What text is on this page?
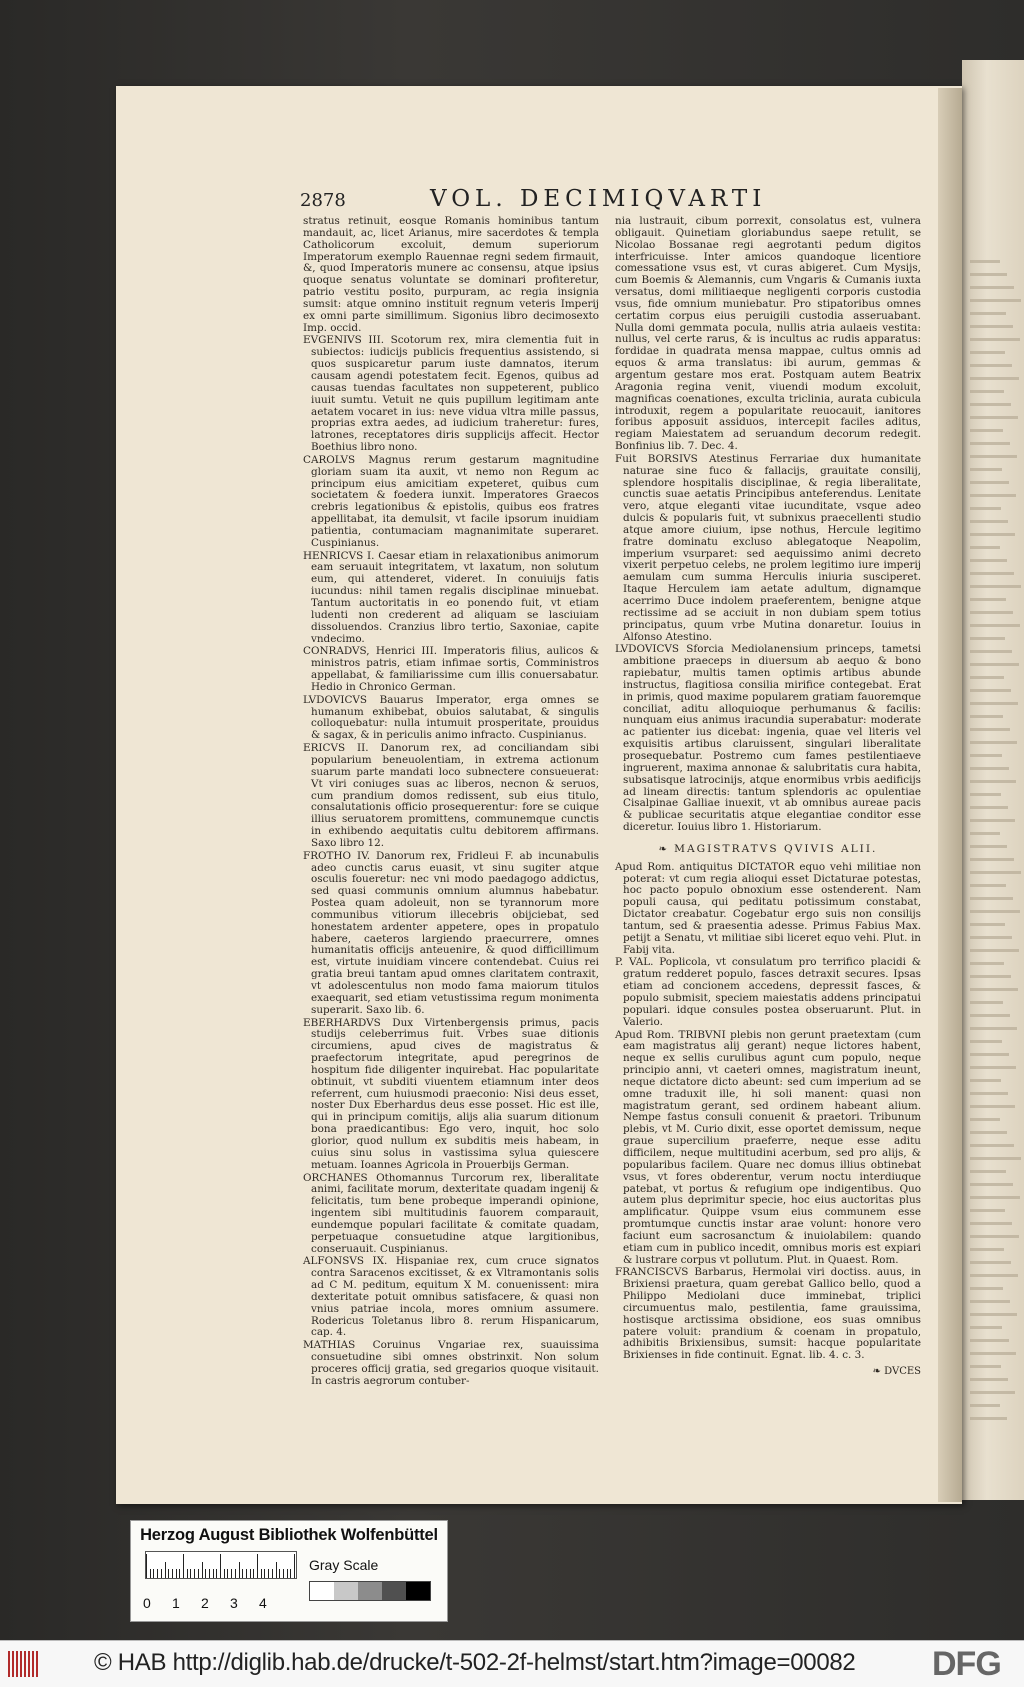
2878	VOL. DECIMIQVARTI

stratus retinuit, eosque Romanis hominibus tantum mandauit, ac, licet Arianus, mire sacerdotes & templa Catholicorum excoluit, demum superiorum Imperatorum exemplo Rauennae regni sedem firmauit, &, quod Imperatoris munere ac consensu, atque ipsius quoque senatus voluntate se dominari profiteretur, patrio vestitu posito, purpuram, ac regia insignia sumsit: atque omnino instituit regnum veteris Imperij ex omni parte simillimum. Sigonius libro decimosexto Imp. occid.

EVGENIVS III. Scotorum rex, mira clementia fuit in subiectos: iudicijs publicis frequentius assistendo, si quos suspicaretur parum iuste damnatos, iterum causam agendi potestatem fecit. Egenos, quibus ad causas tuendas facultates non suppeterent, publico iuuit sumtu. Vetuit ne quis pupillum legitimam ante aetatem vocaret in ius: neve vidua vltra mille passus, proprias extra aedes, ad iudicium traheretur: fures, latrones, receptatores diris supplicijs affecit. Hector Boethius libro nono.

CAROLVS Magnus rerum gestarum magnitudine gloriam suam ita auxit, vt nemo non Regum ac principum eius amicitiam expeteret, quibus cum societatem & foedera iunxit. Imperatores Graecos crebris legationibus & epistolis, quibus eos fratres appellitabat, ita demulsit, vt facile ipsorum inuidiam patientia, contumaciam magnanimitate superaret. Cuspinianus.

HENRICVS I. Caesar etiam in relaxationibus animorum eam seruauit integritatem, vt laxatum, non solutum eum, qui attenderet, videret. In conuiuijs fatis iucundus: nihil tamen regalis disciplinae minuebat. Tantum auctoritatis in eo ponendo fuit, vt etiam ludenti non crederent ad aliquam se lasciuiam dissoluendos. Cranzius libro tertio, Saxoniae, capite vndecimo.

CONRADVS, Henrici III. Imperatoris filius, aulicos & ministros patris, etiam infimae sortis, Comministros appellabat, & familiarissime cum illis conuersabatur. Hedio in Chronico German.

LVDOVICVS Bauarus Imperator, erga omnes se humanum exhibebat, obuios salutabat, & singulis colloquebatur: nulla intumuit prosperitate, prouidus & sagax, & in periculis animo infracto. Cuspinianus.

ERICVS II. Danorum rex, ad conciliandam sibi popularium beneuolentiam, in extrema actionum suarum parte mandati loco subnectere consueuerat: Vt viri coniuges suas ac liberos, necnon & seruos, cum prandium domos redissent, sub eius titulo, consalutationis officio prosequerentur: fore se cuique illius seruatorem promittens, communemque cunctis in exhibendo aequitatis cultu debitorem affirmans. Saxo libro 12.

FROTHO IV. Danorum rex, Fridleui F. ab incunabulis adeo cunctis carus euasit, vt sinu sugiter atque osculis foueretur: nec vni modo paedagogo addictus, sed quasi communis omnium alumnus habebatur. Postea quam adoleuit, non se tyrannorum more communibus vitiorum illecebris obijciebat, sed honestatem ardenter appetere, opes in propatulo habere, caeteros largiendo praecurrere, omnes humanitatis officijs anteuenire, & quod difficillimum est, virtute inuidiam vincere contendebat. Cuius rei gratia breui tantam apud omnes claritatem contraxit, vt adolescentulus non modo fama maiorum titulos exaequarit, sed etiam vetustissima regum monimenta superarit. Saxo lib. 6.

EBERHARDVS Dux Virtenbergensis primus, pacis studijs celeberrimus fuit. Vrbes suae ditionis circumiens, apud cives de magistratus & praefectorum integritate, apud peregrinos de hospitum fide diligenter inquirebat. Hac popularitate obtinuit, vt subditi viuentem etiamnum inter deos referrent, cum huiusmodi praeconio: Nisi deus esset, noster Dux Eberhardus deus esse posset. Hic est ille, qui in principum comitijs, alijs alia suarum ditionum bona praedicantibus: Ego vero, inquit, hoc solo glorior, quod nullum ex subditis meis habeam, in cuius sinu solus in vastissima sylua quiescere metuam. Ioannes Agricola in Prouerbijs German.

ORCHANES Othomannus Turcorum rex, liberalitate animi, facilitate morum, dexteritate quadam ingenij & felicitatis, tum bene probeque imperandi opinione, ingentem sibi multitudinis fauorem comparauit, eundemque populari facilitate & comitate quadam, perpetuaque consuetudine atque largitionibus, conseruauit. Cuspinianus.

ALFONSVS IX. Hispaniae rex, cum cruce signatos contra Saracenos excitisset, & ex Vltramontanis solis ad C M. peditum, equitum X M. conuenissent: mira dexteritate potuit omnibus satisfacere, & quasi non vnius patriae incola, mores omnium assumere. Rodericus Toletanus libro 8. rerum Hispanicarum, cap. 4.

MATHIAS Coruinus Vngariae rex, suauissima consuetudine sibi omnes obstrinxit. Non solum proceres officij gratia, sed gregarios quoque visitauit. In castris aegrorum contuber-

nia lustrauit, cibum porrexit, consolatus est, vulnera obligauit. Quinetiam gloriabundus saepe retulit, se Nicolao Bossanae regi aegrotanti pedum digitos interfricuisse. Inter amicos quandoque licentiore comessatione vsus est, vt curas abigeret. Cum Mysijs, cum Boemis & Alemannis, cum Vngaris & Cumanis iuxta versatus, domi militiaeque negligenti corporis custodia vsus, fide omnium muniebatur. Pro stipatoribus omnes certatim corpus eius peruigili custodia asseruabant. Nulla domi gemmata pocula, nullis atria aulaeis vestita: nullus, vel certe rarus, & is incultus ac rudis apparatus: fordidae in quadrata mensa mappae, cultus omnis ad equos & arma translatus: ibi aurum, gemmas & argentum gestare mos erat. Postquam autem Beatrix Aragonia regina venit, viuendi modum excoluit, magnificas coenationes, exculta triclinia, aurata cubicula introduxit, regem a popularitate reuocauit, ianitores foribus apposuit assiduos, intercepit faciles aditus, regiam Maiestatem ad seruandum decorum redegit. Bonfinius lib. 7. Dec. 4.

Fuit BORSIVS Atestinus Ferrariae dux humanitate naturae sine fuco & fallacijs, grauitate consilij, splendore hospitalis disciplinae, & regia liberalitate, cunctis suae aetatis Principibus anteferendus. Lenitate vero, atque eleganti vitae iucunditate, vsque adeo dulcis & popularis fuit, vt subnixus praecellenti studio atque amore ciuium, ipse nothus, Hercule legitimo fratre dominatu excluso ablegatoque Neapolim, imperium vsurparet: sed aequissimo animi decreto vixerit perpetuo celebs, ne prolem legitimo iure imperij aemulam cum summa Herculis iniuria susciperet. Itaque Herculem iam aetate adultum, dignamque acerrimo Duce indolem praeferentem, benigne atque rectissime ad se acciuit in non dubiam spem totius principatus, quum vrbe Mutina donaretur. Iouius in Alfonso Atestino.

LVDOVICVS Sforcia Mediolanensium princeps, tametsi ambitione praeceps in diuersum ab aequo & bono rapiebatur, multis tamen optimis artibus abunde instructus, flagitiosa consilia mirifice contegebat. Erat in primis, quod maxime popularem gratiam fauoremque conciliat, aditu alloquioque perhumanus & facilis: nunquam eius animus iracundia superabatur: moderate ac patienter ius dicebat: ingenia, quae vel literis vel exquisitis artibus claruissent, singulari liberalitate prosequebatur. Postremo cum fames pestilentiaeve ingruerent, maxima annonae & salubritatis cura habita, subsatisque latrocinijs, atque enormibus vrbis aedificijs ad lineam directis: tantum splendoris ac opulentiae Cisalpinae Galliae inuexit, vt ab omnibus aureae pacis & publicae securitatis atque elegantiae conditor esse diceretur. Iouius libro 1. Historiarum.

❧ MAGISTRATVS QVIVIS ALII.

Apud Rom. antiquitus DICTATOR equo vehi militiae non poterat: vt cum regia alioqui esset Dictaturae potestas, hoc pacto populo obnoxium esse ostenderent. Nam populi causa, qui peditatu potissimum constabat, Dictator creabatur. Cogebatur ergo suis non consilijs tantum, sed & praesentia adesse. Primus Fabius Max. petijt a Senatu, vt militiae sibi liceret equo vehi. Plut. in Fabij vita.

P. VAL. Poplicola, vt consulatum pro terrifico placidi & gratum redderet populo, fasces detraxit secures. Ipsas etiam ad concionem accedens, depressit fasces, & populo submisit, speciem maiestatis addens principatui populari. idque consules postea obseruarunt. Plut. in Valerio.

Apud Rom. TRIBVNI plebis non gerunt praetextam (cum eam magistratus alij gerant) neque lictores habent, neque ex sellis curulibus agunt cum populo, neque principio anni, vt caeteri omnes, magistratum ineunt, neque dictatore dicto abeunt: sed cum imperium ad se omne traduxit ille, hi soli manent: quasi non magistratum gerant, sed ordinem habeant alium. Nempe fastus consuli conuenit & praetori. Tribunum plebis, vt M. Curio dixit, esse oportet demissum, neque graue supercilium praeferre, neque esse aditu difficilem, neque multitudini acerbum, sed pro alijs, & popularibus facilem. Quare nec domus illius obtinebat vsus, vt fores obderentur, verum noctu interdiuque patebat, vt portus & refugium ope indigentibus. Quo autem plus deprimitur specie, hoc eius auctoritas plus amplificatur. Quippe vsum eius communem esse promtumque cunctis instar arae volunt: honore vero faciunt eum sacrosanctum & inuiolabilem: quando etiam cum in publico incedit, omnibus moris est expiari & lustrare corpus vt pollutum. Plut. in Quaest. Rom.

FRANCISCVS Barbarus, Hermolai viri doctiss. auus, in Brixiensi praetura, quam gerebat Gallico bello, quod a Philippo Mediolani duce imminebat, triplici circumuentus malo, pestilentia, fame grauissima, hostisque arctissima obsidione, eos suas omnibus patere voluit: prandium & coenam in propatulo, adhibitis Brixiensibus, sumsit: hacque popularitate Brixienses in fide continuit. Egnat. lib. 4. c. 3.

❧ DVCES
Herzog August Bibliothek Wolfenbüttel
Gray Scale
0 1 2 3 4
© HAB http://diglib.hab.de/drucke/t-502-2f-helmst/start.htm?image=00082 DFG
